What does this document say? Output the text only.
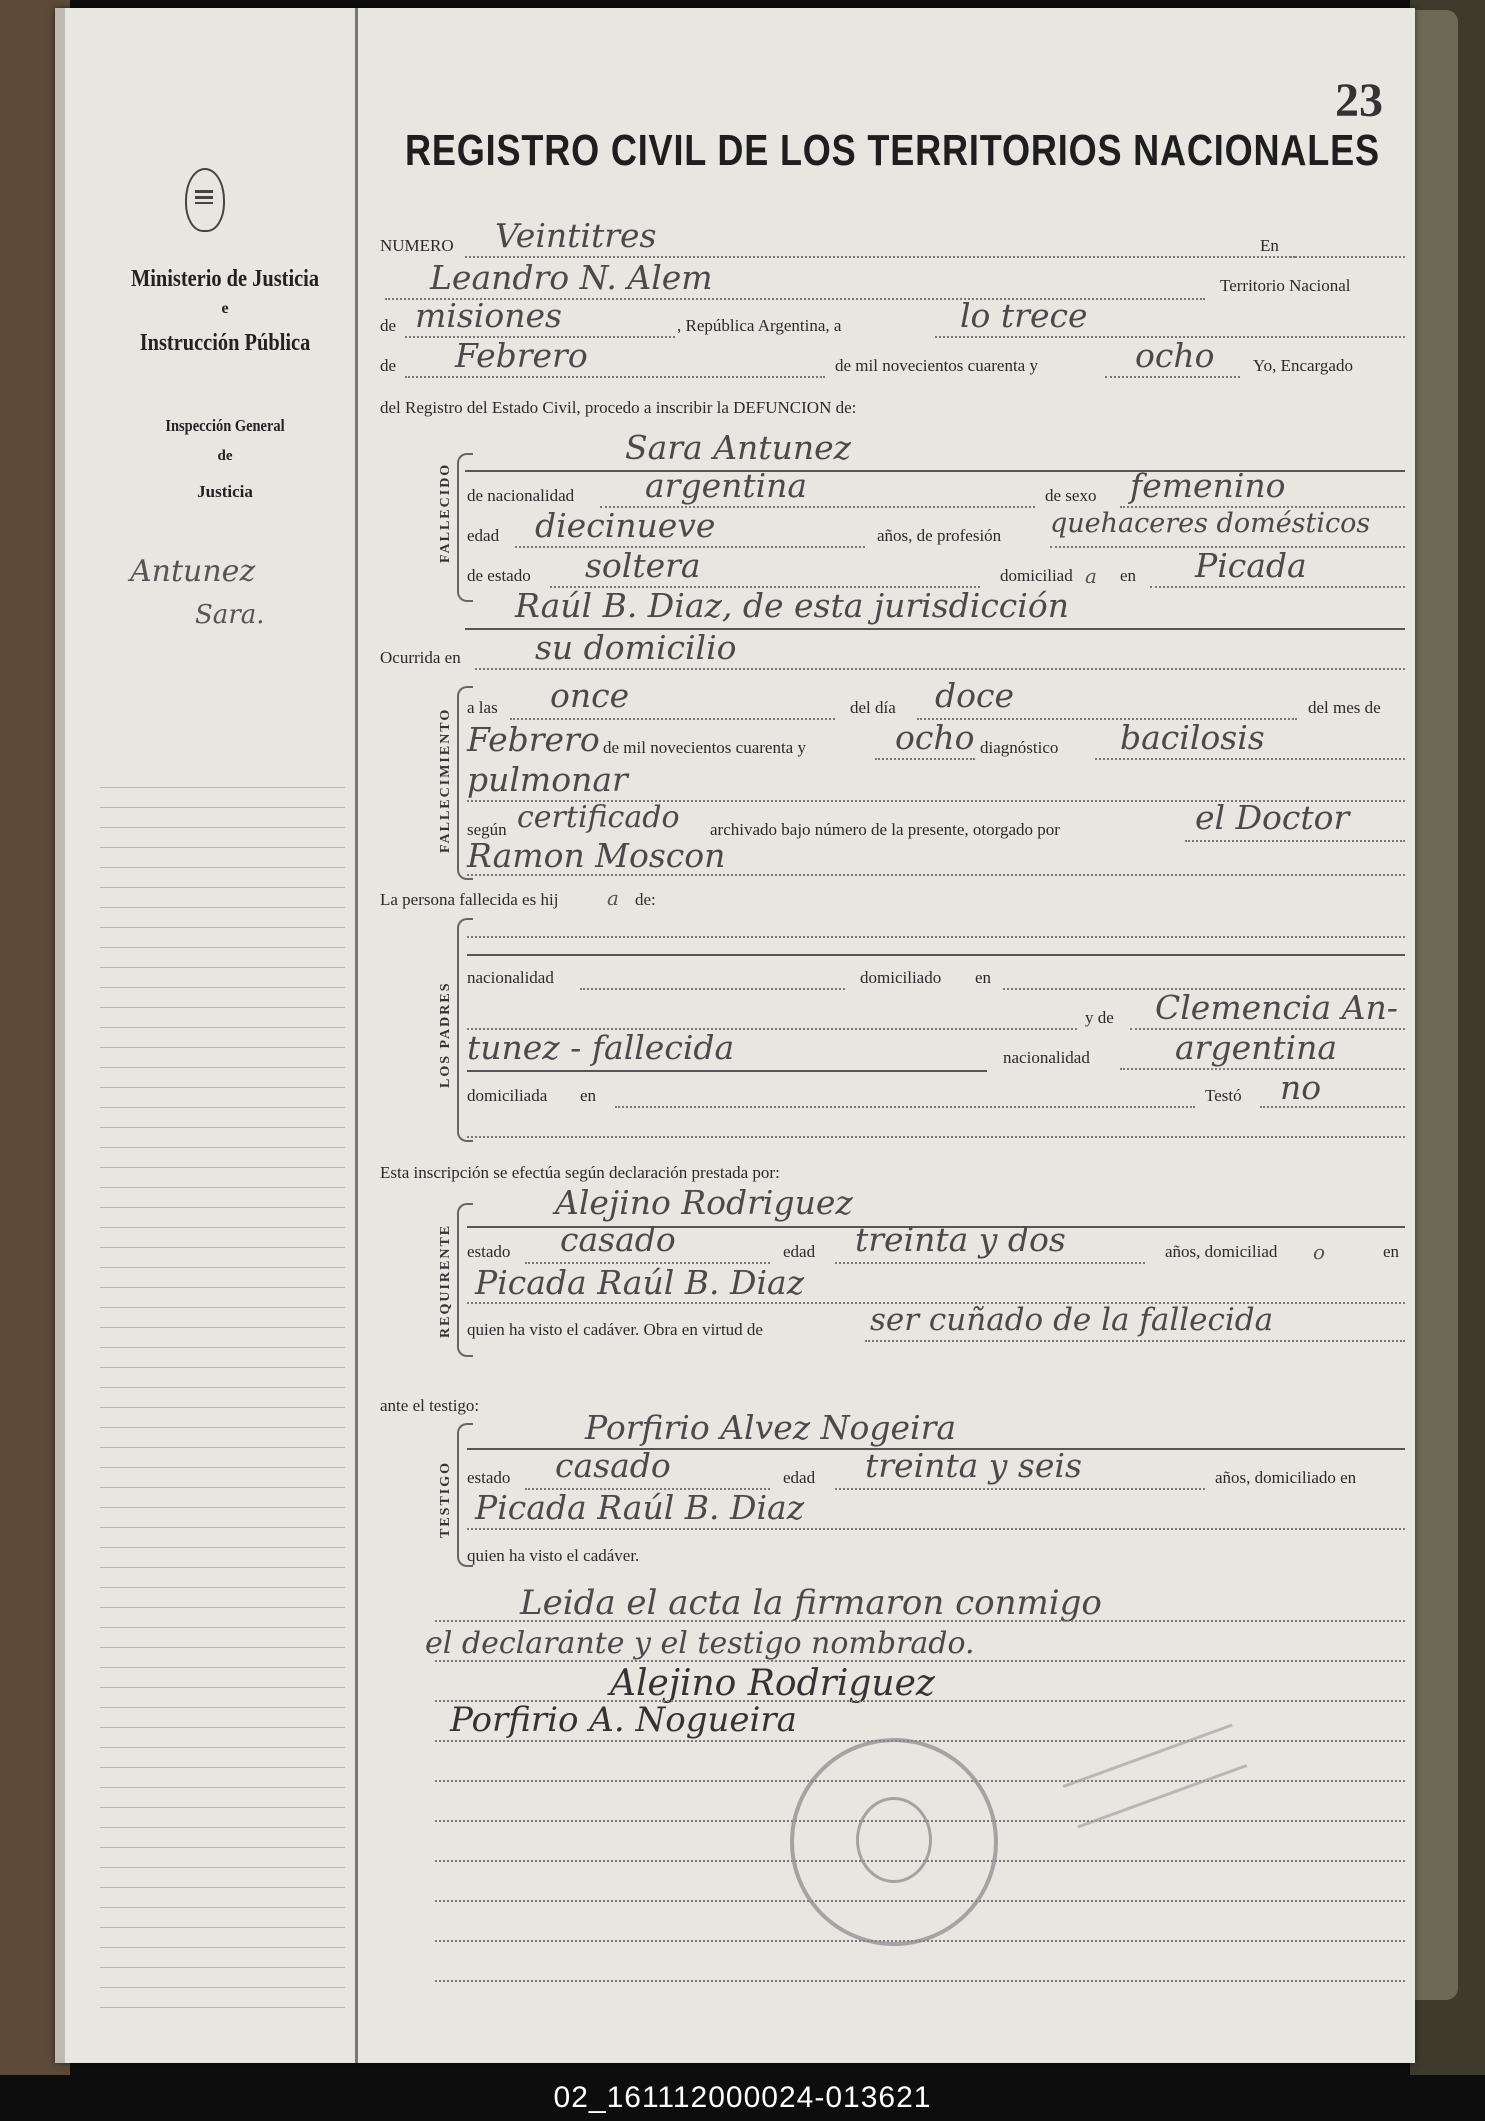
Ministerio de Justicia
e
Instrucción Pública
Inspección General
de
Justicia
Antunez
Sara.
23
REGISTRO CIVIL DE LOS TERRITORIOS NACIONALES
NUMERO Veintitres	En
Leandro N. Alem	Territorio Nacional
de misiones	, República Argentina, a	lo trece
de Febrero	de mil novecientos cuarenta y	ocho Yo, Encargado
del Registro del Estado Civil, procedo a inscribir la DEFUNCION de:
FALLECIDO
Sara Antunez
de nacionalidad argentina	de sexo femenino
edad diecinueve	años, de profesión quehaceres domésticos
de estado soltera	domiciliad a en Picada
Raúl B. Diaz, de esta jurisdicción
Ocurrida en su domicilio
FALLECIMIENTO
a las once	del día doce	del mes de
Febrero de mil novecientos cuarenta y	ocho diagnóstico bacilosis
pulmonar
según certificado archivado bajo número de la presente, otorgado por	el Doctor
Ramon Moscon
La persona fallecida es hij a de:
LOS PADRES
nacionalidad	domiciliado en
y de Clemencia An-
tunez - fallecida	nacionalidad	argentina
domiciliada en	Testó no
Esta inscripción se efectúa según declaración prestada por:
REQUIRENTE
Alejino Rodriguez
estado casado	edad treinta y dos	años, domiciliad o	en
Picada Raúl B. Diaz
quien ha visto el cadáver. Obra en virtud de	ser cuñado de la fallecida
ante el testigo:
TESTIGO
Porfirio Alvez Nogeira
estado casado	edad treinta y seis	años, domiciliado en
Picada Raúl B. Diaz
quien ha visto el cadáver.
Leida el acta la firmaron conmigo
el declarante y el testigo nombrado.
Alejino Rodriguez
Porfirio A. Nogueira
02_161112000024-013621
